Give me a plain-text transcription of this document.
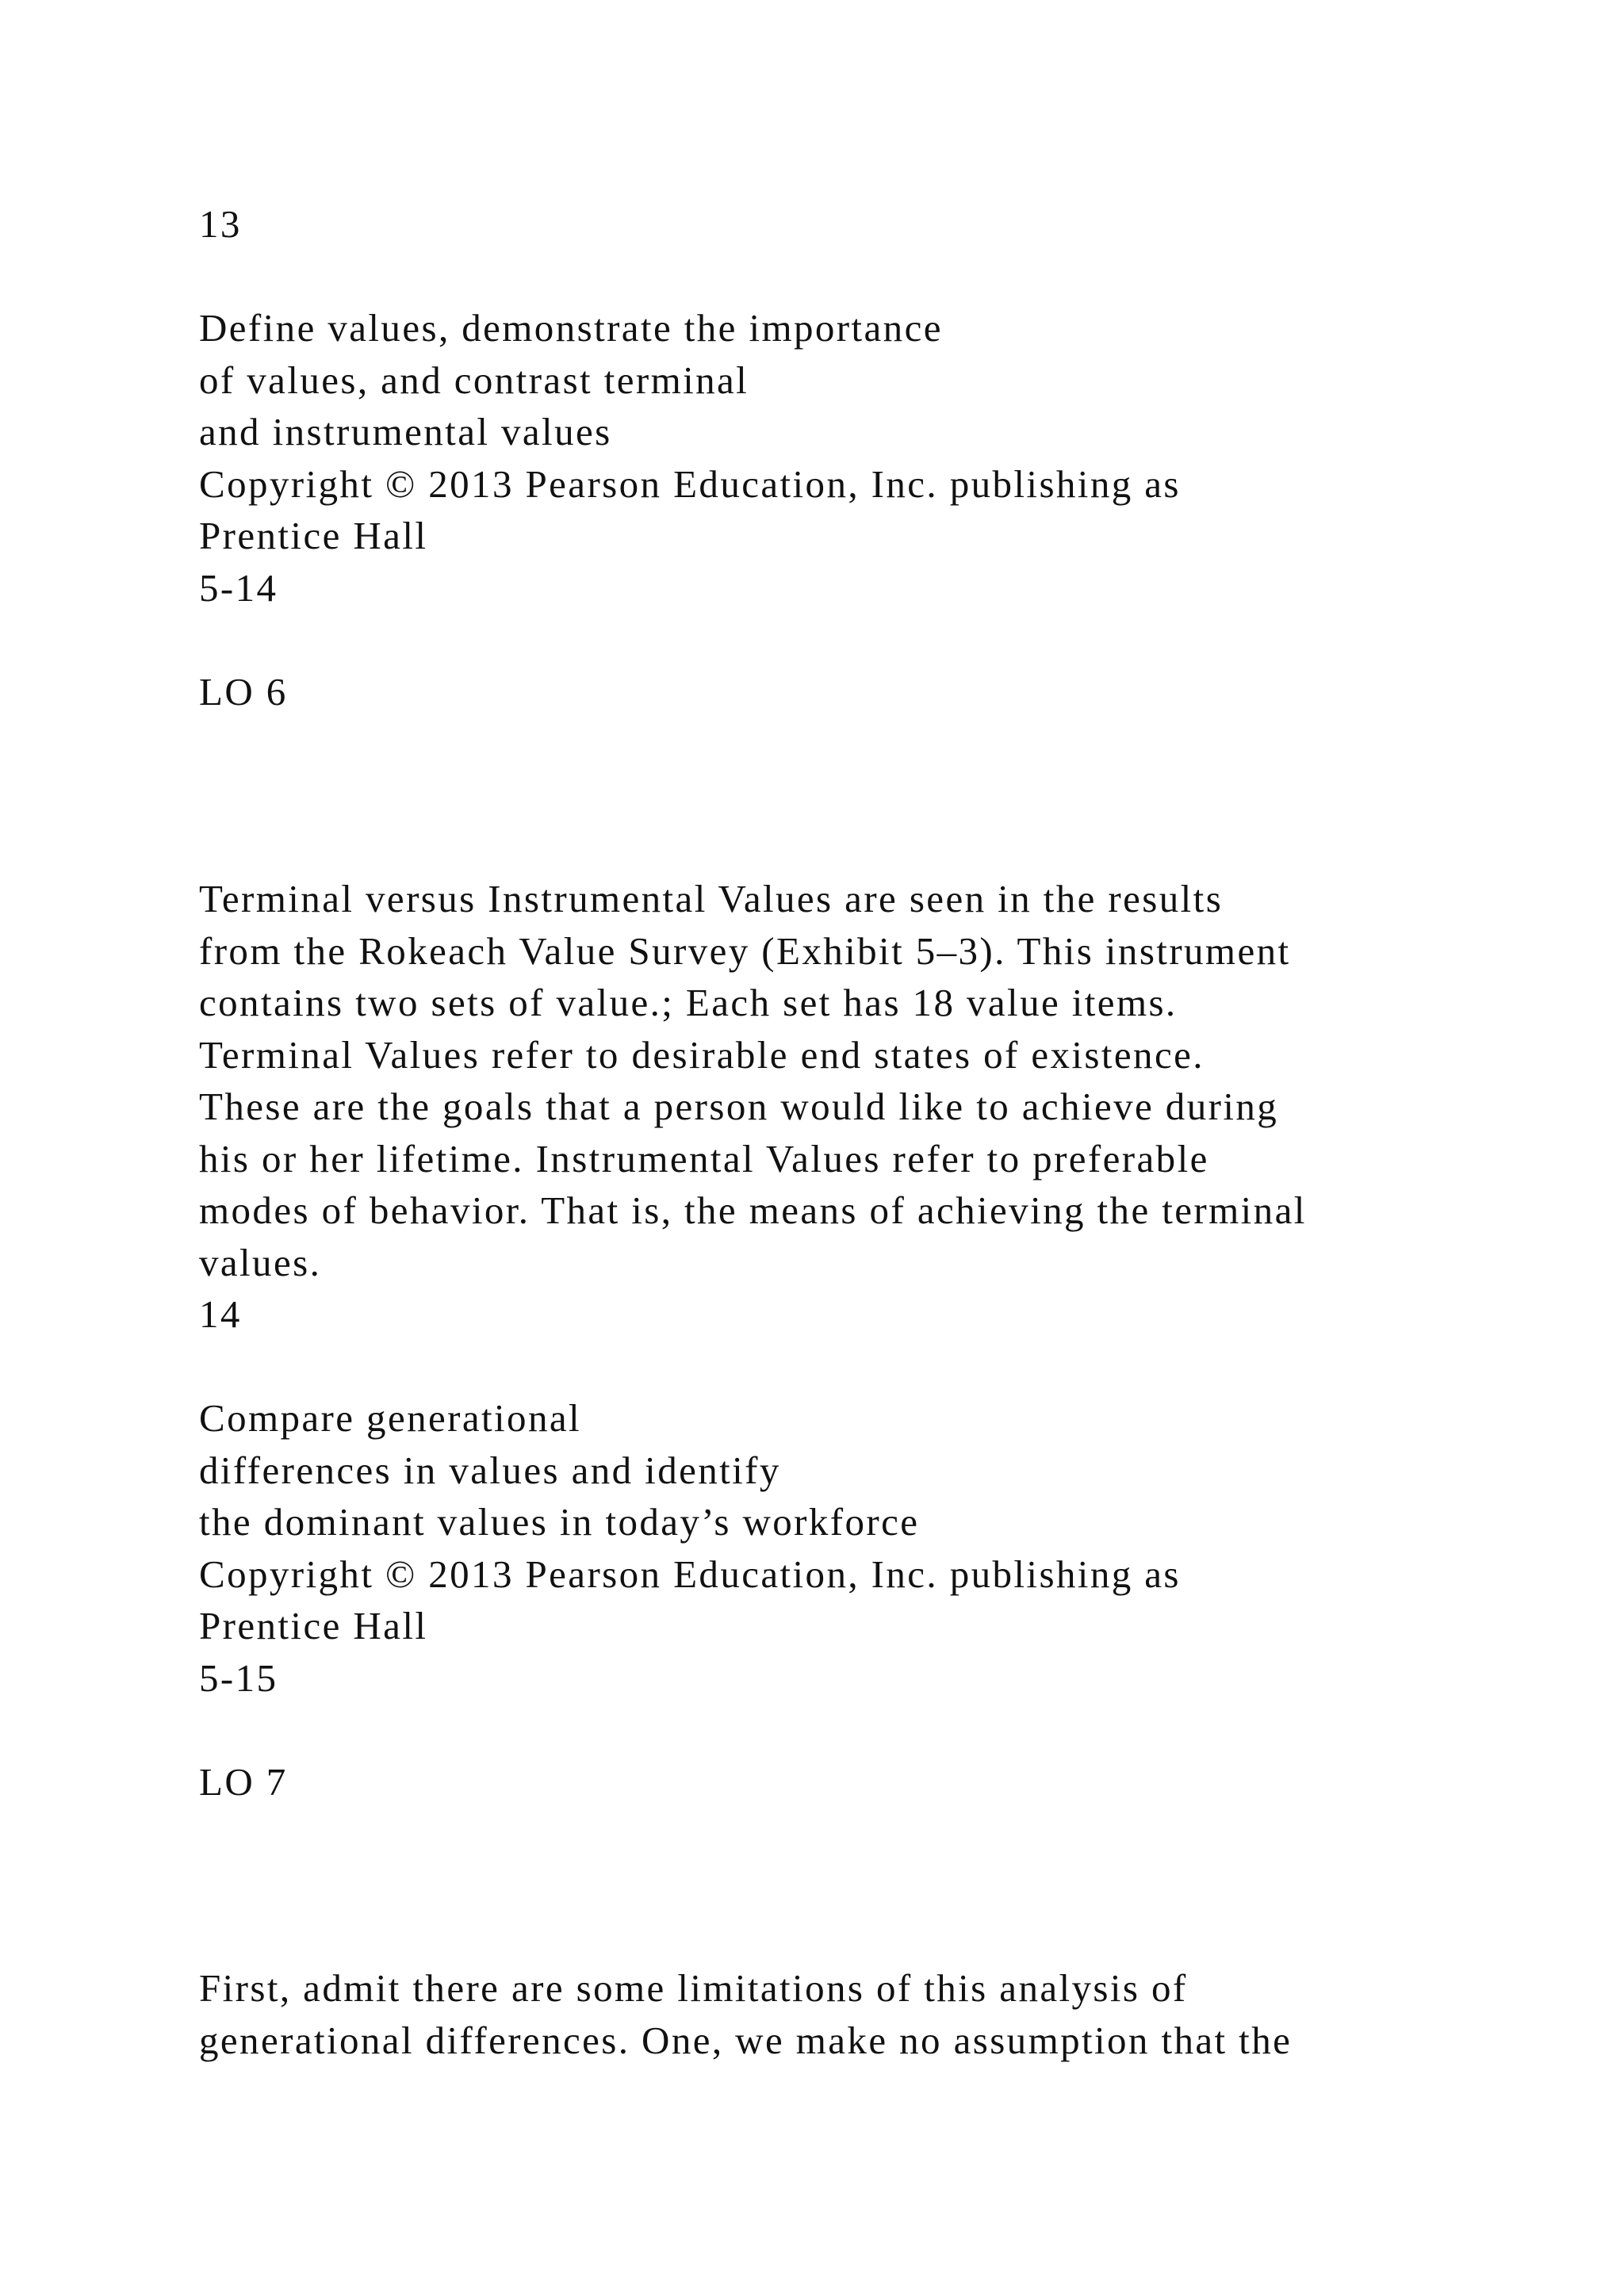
13
Define values, demonstrate the importance
of values, and contrast terminal
and instrumental values
Copyright © 2013 Pearson Education, Inc. publishing as
Prentice Hall
5-14
LO 6
Terminal versus Instrumental Values are seen in the results
from the Rokeach Value Survey (Exhibit 5–3). This instrument
contains two sets of value.; Each set has 18 value items.
Terminal Values refer to desirable end states of existence.
These are the goals that a person would like to achieve during
his or her lifetime. Instrumental Values refer to preferable
modes of behavior. That is, the means of achieving the terminal
values.
14
Compare generational
differences in values and identify
the dominant values in today’s workforce
Copyright © 2013 Pearson Education, Inc. publishing as
Prentice Hall
5-15
LO 7
First, admit there are some limitations of this analysis of
generational differences. One, we make no assumption that the
